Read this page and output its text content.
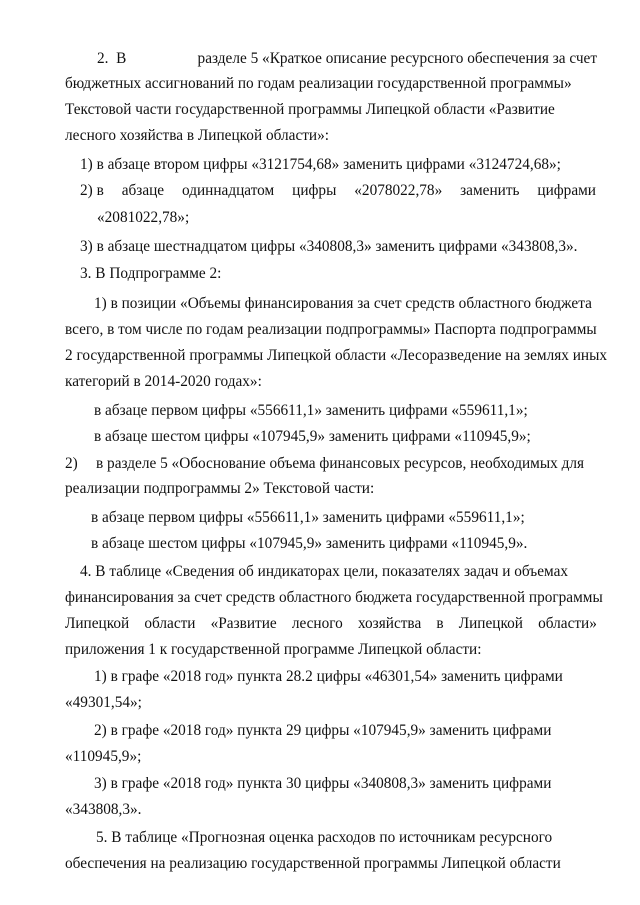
2.  В	разделе 5 «Краткое описание ресурсного обеспечения за счет
бюджетных ассигнований по годам реализации государственной программы»
Текстовой части государственной программы Липецкой области «Развитие
лесного хозяйства в Липецкой области»:
1) в абзаце втором цифры «3121754,68» заменить цифрами «3124724,68»;
2) в абзаце одиннадцатом цифры «2078022,78» заменить цифрами
«2081022,78»;
3) в абзаце шестнадцатом цифры «340808,3» заменить цифрами «343808,3».
3. В Подпрограмме 2:
1) в позиции «Объемы финансирования за счет средств областного бюджета
всего, в том числе по годам реализации подпрограммы» Паспорта подпрограммы
2 государственной программы Липецкой области «Лесоразведение на землях иных
категорий в 2014-2020 годах»:
в абзаце первом цифры «556611,1» заменить цифрами «559611,1»;
в абзаце шестом цифры «107945,9» заменить цифрами «110945,9»;
2) в разделе 5 «Обоснование объема финансовых ресурсов, необходимых для
реализации подпрограммы 2» Текстовой части:
в абзаце первом цифры «556611,1» заменить цифрами «559611,1»;
в абзаце шестом цифры «107945,9» заменить цифрами «110945,9».
4. В таблице «Сведения об индикаторах цели, показателях задач и объемах
финансирования за счет средств областного бюджета государственной программы
Липецкой области «Развитие лесного хозяйства в Липецкой области»
приложения 1 к государственной программе Липецкой области:
1) в графе «2018 год» пункта 28.2 цифры «46301,54» заменить цифрами
«49301,54»;
2) в графе «2018 год» пункта 29 цифры «107945,9» заменить цифрами
«110945,9»;
3) в графе «2018 год» пункта 30 цифры «340808,3» заменить цифрами
«343808,3».
5. В таблице «Прогнозная оценка расходов по источникам ресурсного
обеспечения на реализацию государственной программы Липецкой области
